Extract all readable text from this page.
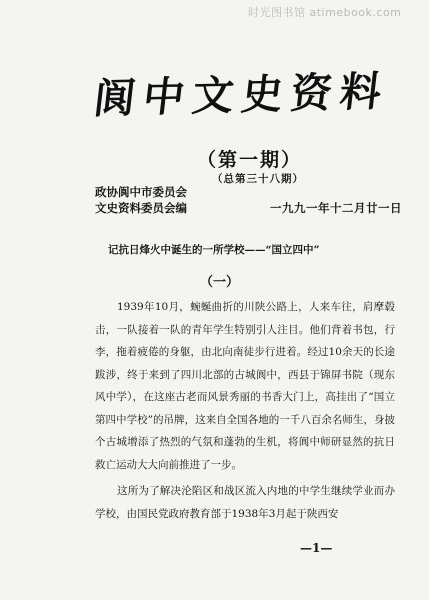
时光图书馆 atimebook.com
阆中文史资料
（第一期）
（总第三十八期）
政协阆中市委员会
文史资料委员会编	一九九一年十二月廿一日
记抗日烽火中诞生的一所学校——“国立四中”
（一）
1939年10月，蜿蜒曲折的川陕公路上，人来车往，肩摩毂击，一队接着一队的青年学生特别引人注目。他们背着书包，行李，拖着疲倦的身躯，由北向南徒步行进着。经过10余天的长途跋涉，终于来到了四川北部的古城阆中，西县于锦屏书院（现东风中学），在这座古老而风景秀丽的书香大门上，高挂出了“国立第四中学校”的吊牌，这来自全国各地的一千八百余名师生，身披个古城增添了热烈的气氛和蓬勃的生机，将阆中师研显然的抗日救亡运动大大向前推进了一步。
这所为了解决沦陷区和战区流入内地的中学生继续学业而办学校，由国民党政府教育部于1938年3月起于陕西安
—1—
